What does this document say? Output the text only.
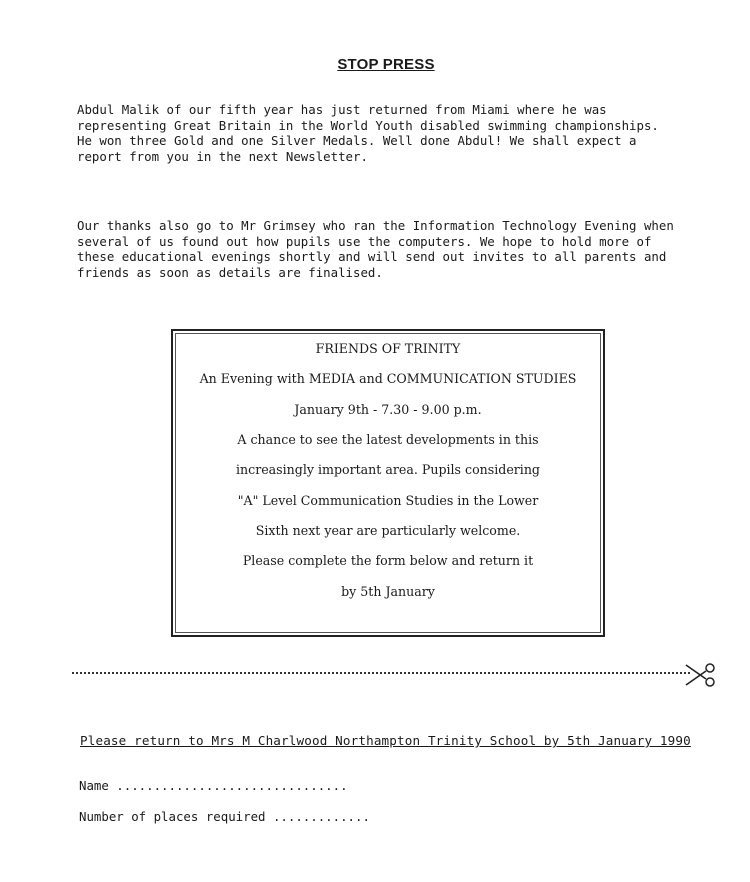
STOP PRESS
Abdul Malik of our fifth year has just returned from Miami where he was
representing Great Britain in the World Youth disabled swimming championships.
He won three Gold and one Silver Medals. Well done Abdul! We shall expect a
report from you in the next Newsletter.
Our thanks also go to Mr Grimsey who ran the Information Technology Evening when
several of us found out how pupils use the computers. We hope to hold more of
these educational evenings shortly and will send out invites to all parents and
friends as soon as details are finalised.
FRIENDS OF TRINITY
An Evening with MEDIA and COMMUNICATION STUDIES
January 9th - 7.30 - 9.00 p.m.
A chance to see the latest developments in this
increasingly important area. Pupils considering
"A" Level Communication Studies in the Lower
Sixth next year are particularly welcome.
Please complete the form below and return it
by 5th January
Please return to Mrs M Charlwood Northampton Trinity School by 5th January 1990
Name ...............................
Number of places required .............
